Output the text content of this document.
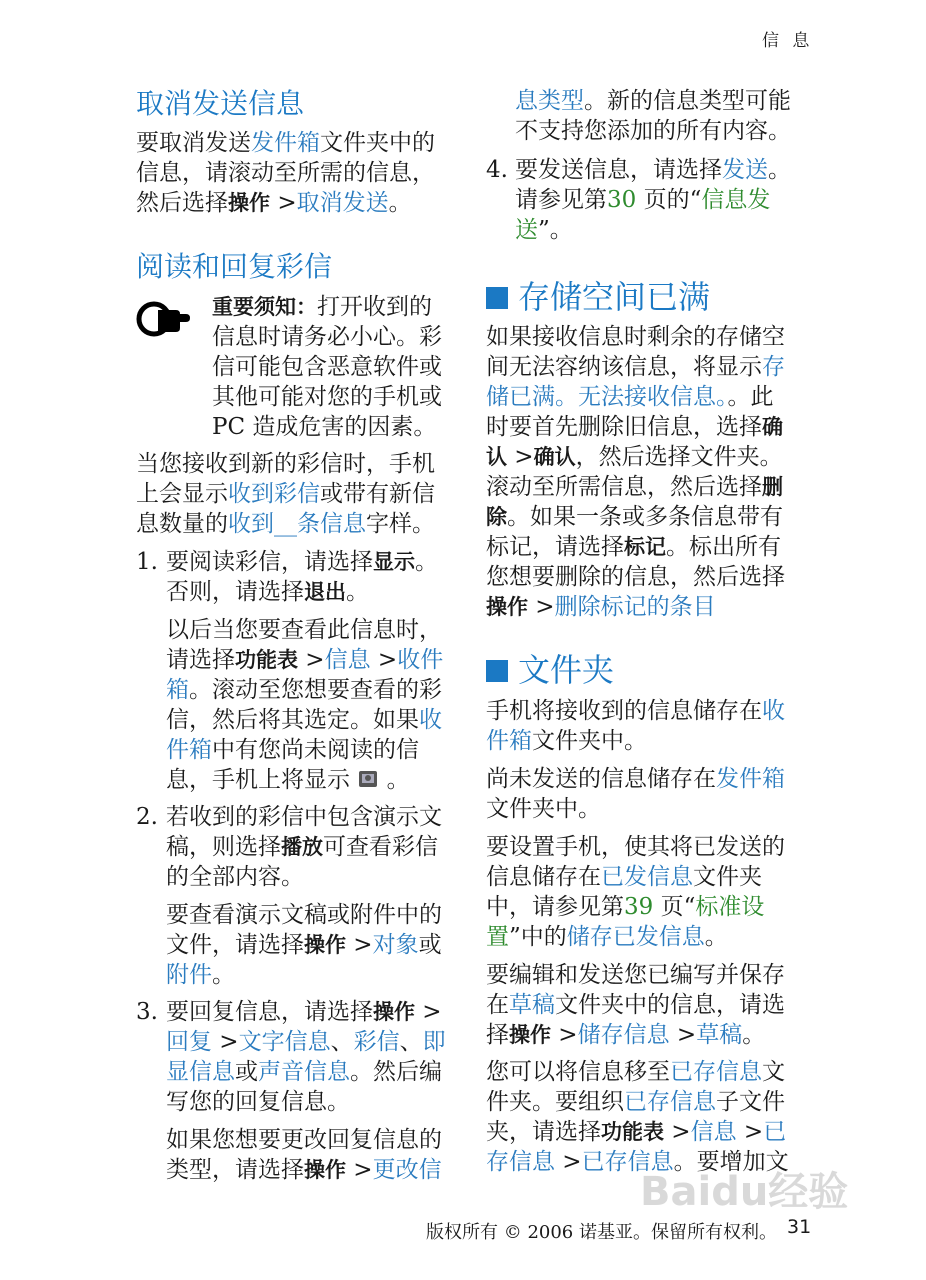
信 息
取消发送信息
要取消发送发件箱文件夹中的
信息，请滚动至所需的信息，
然后选择操作 >取消发送。
阅读和回复彩信
重要须知：打开收到的
信息时请务必小心。彩
信可能包含恶意软件或
其他可能对您的手机或
PC 造成危害的因素。
当您接收到新的彩信时，手机
上会显示收到彩信或带有新信
息数量的收到__条信息字样。
1. 要阅读彩信，请选择显示。
否则，请选择退出。
以后当您要查看此信息时，
请选择功能表 >信息 >收件
箱。滚动至您想要查看的彩
信，然后将其选定。如果收
件箱中有您尚未阅读的信
息，手机上将显示 。
2. 若收到的彩信中包含演示文
稿，则选择播放可查看彩信
的全部内容。
要查看演示文稿或附件中的
文件，请选择操作 >对象或
附件。
3. 要回复信息，请选择操作 >
回复 >文字信息、彩信、即
显信息或声音信息。然后编
写您的回复信息。
如果您想要更改回复信息的
类型，请选择操作 >更改信
息类型。新的信息类型可能
不支持您添加的所有内容。
4. 要发送信息，请选择发送。
请参见第30 页的“信息发
送”。
存储空间已满
如果接收信息时剩余的存储空
间无法容纳该信息，将显示存
储已满。无法接收信息。。此
时要首先删除旧信息，选择确
认 >确认，然后选择文件夹。
滚动至所需信息，然后选择删
除。如果一条或多条信息带有
标记，请选择标记。标出所有
您想要删除的信息，然后选择
操作 >删除标记的条目
文件夹
手机将接收到的信息储存在收
件箱文件夹中。
尚未发送的信息储存在发件箱
文件夹中。
要设置手机，使其将已发送的
信息储存在已发信息文件夹
中，请参见第39 页“标准设
置”中的储存已发信息。
要编辑和发送您已编写并保存
在草稿文件夹中的信息，请选
择操作 >储存信息 >草稿。
您可以将信息移至已存信息文
件夹。要组织已存信息子文件
夹，请选择功能表 >信息 >已
存信息 >已存信息。要增加文
版权所有 © 2006 诺基亚。保留所有权利。 31
Baidu经验
